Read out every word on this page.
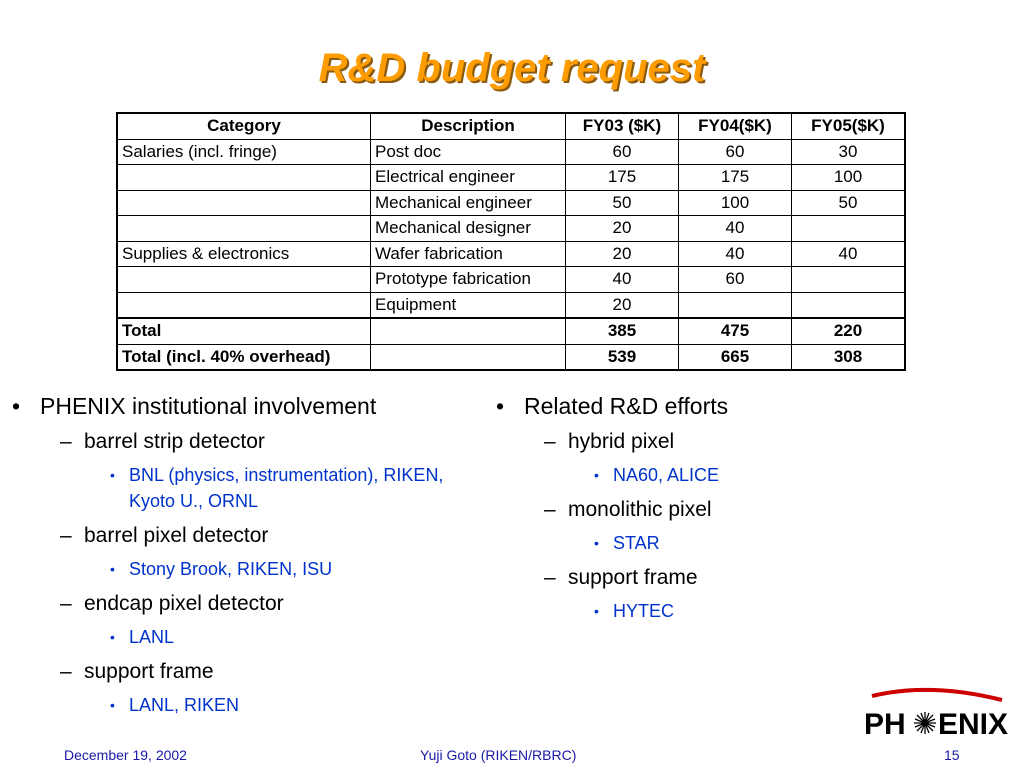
R&D budget request
Category	Description	FY03 ($K)	FY04($K)	FY05($K)
Salaries (incl. fringe)	Post doc	60	60	30
	Electrical engineer	175	175	100
	Mechanical engineer	50	100	50
	Mechanical designer	20	40	
Supplies & electronics	Wafer fabrication	20	40	40
	Prototype fabrication	40	60	
	Equipment	20		
Total		385	475	220
Total (incl. 40% overhead)		539	665	308
• PHENIX institutional involvement
– barrel strip detector
• BNL (physics, instrumentation), RIKEN, Kyoto U., ORNL
– barrel pixel detector
• Stony Brook, RIKEN, ISU
– endcap pixel detector
• LANL
– support frame
• LANL, RIKEN
• Related R&D efforts
– hybrid pixel
• NA60, ALICE
– monolithic pixel
• STAR
– support frame
• HYTEC
PH ENIX
December 19, 2002	Yuji Goto (RIKEN/RBRC)	15
